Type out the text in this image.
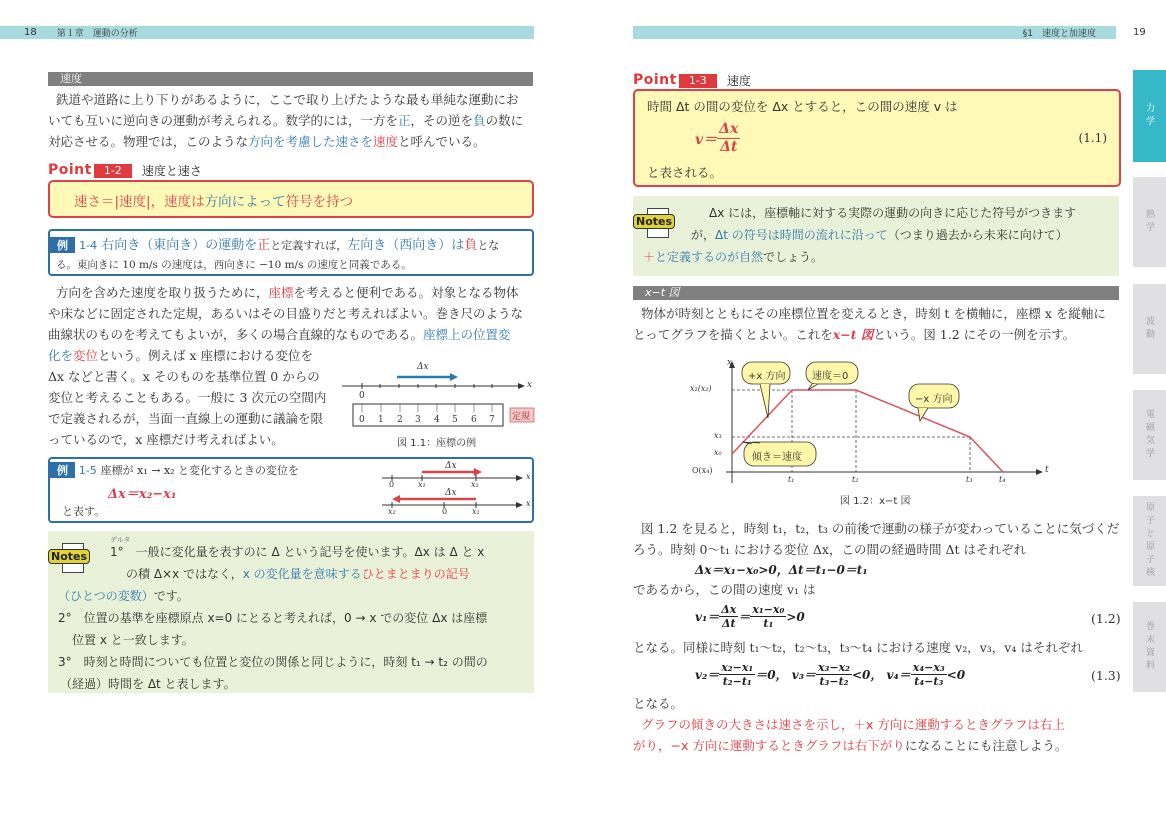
18 第１章　運動の分析
速度
鉄道や道路に上り下りがあるように，ここで取り上げたような最も単純な運動にお
いても互いに逆向きの運動が考えられる。数学的には，一方を正，その逆を負の数に
対応させる。物理では，このような方向を考慮した速さを速度と呼んでいる。
Point	1-2	速度と速さ
速さ＝|速度|，速度は方向によって符号を持つ
例 1-4 右向き（東向き）の運動を正と定義すれば，左向き（西向き）は負とな
る。東向きに 10 m/s の速度は，西向きに −10 m/s の速度と同義である。
方向を含めた速度を取り扱うために，座標を考えると便利である。対象となる物体
や床などに固定された定規，あるいはその目盛りだと考えればよい。巻き尺のような
曲線状のものを考えてもよいが，多くの場合直線的なものである。座標上の位置変
化を変位という。例えば x 座標における変位を
Δx などと書く。x そのものを基準位置 0 からの
変位と考えることもある。一般に 3 次元の空間内
で定義されるが，当面一直線上の運動に議論を限
っているので，x 座標だけ考えればよい。
Δx
x
0
0 1 2 3 4 5 6 7 定規
図 1.1：座標の例
例 1-5 座標が x₁ → x₂ と変化するときの変位を
Δx＝x₂−x₁
と表す。
Δx
0	x₁	x₂
x
Δx
x₂	0	x₁
x
Notes
デルタ
1°　一般に変化量を表すのに Δ という記号を使います。Δx は Δ と x
の積 Δ×x ではなく，x の変化量を意味するひとまとまりの記号
（ひとつの変数）です。
2°　位置の基準を座標原点 x=0 にとると考えれば，0 → x での変位 Δx は座標
位置 x と一致します。
3°　時刻と時間についても位置と変位の関係と同じように，時刻 t₁ → t₂ の間の
（経過）時間を Δt と表します。
§1　速度と加速度	19
Point	1-3	速度
時間 Δt の間の変位を Δx とすると，この間の速度 v は
$v= \frac{\Delta x}{\Delta t}$	(1.1)
と表される。
Notes
Δx には，座標軸に対する実際の運動の向きに応じた符号がつきます
が，Δt の符号は時間の流れに沿って（つまり過去から未来に向けて）
＋と定義するのが自然でしょう。
x−t 図
物体が時刻とともにその座標位置を変えるとき，時刻 t を横軸に，座標 x を縦軸に
とってグラフを描くとよい。これをx−t 図という。図 1.2 にその一例を示す。
x
t
x₁(x₂)
x₃
x₀
O(x₄)
t₁	t₂	t₃	t₄
+x 方向	速度＝0
−x 方向
傾き＝速度
図 1.2：x−t 図
図 1.2 を見ると，時刻 t₁，t₂，t₃ の前後で運動の様子が変わっていることに気づくだ
ろう。時刻 0〜t₁ における変位 Δx，この間の経過時間 Δt はそれぞれ
Δx＝x₁−x₀>0，Δt＝t₁−0＝t₁
であるから，この間の速度 v₁ は
$v_1= \frac{\Delta x}{\Delta t} = \frac{\text{x₁−x₀}}{\text{t₁}} >0$	(1.2)
となる。同様に時刻 t₁〜t₂，t₂〜t₃，t₃〜t₄ における速度 v₂，v₃，v₄ はそれぞれ
$v_2= \frac{\text{x₂−x₁}}{\text{t₂−t₁}} =0$，
$v_3= \frac{\text{x₃−x₂}}{\text{t₃−t₂}} <0$，
$v_4= \frac{\text{x₄−x₃}}{\text{t₄−t₃}} <0$	(1.3)
となる。
グラフの傾きの大きさは速さを示し，＋x 方向に運動するときグラフは右上
がり，−x 方向に運動するときグラフは右下がりになることにも注意しよう。
力学
熱学
波動
電磁気学
原子と原子核
巻末資料
